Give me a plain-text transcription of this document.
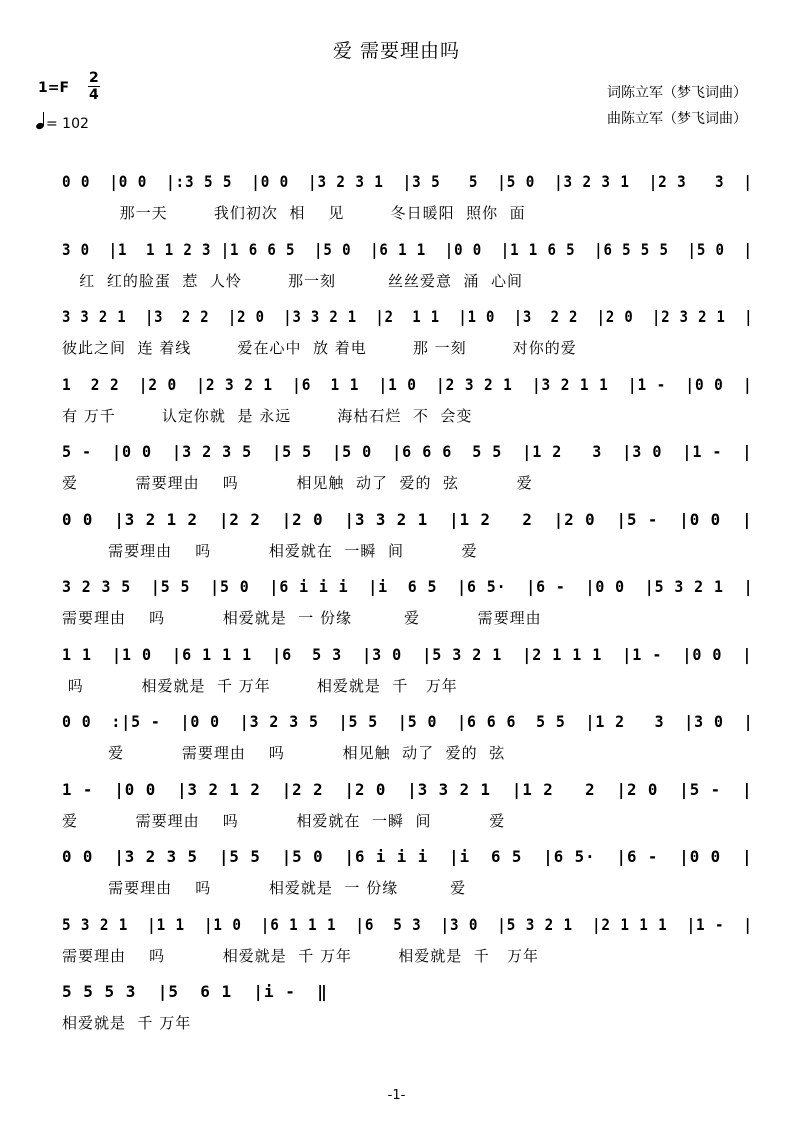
爱 需要理由吗
1=F
2
4
= 102
词陈立军（梦飞词曲）
曲陈立军（梦飞词曲）
0 0  |0 0  |:3 5 5  |0 0  |3 2 3 1  |3 5   5  |5 0  |3 2 3 1  |2 3   3  |
那一天        我们初次  相    见        冬日暖阳  照你  面
3 0  |1  1 1 2 3 |1 6 6 5  |5 0  |6 1 1  |0 0  |1 1 6 5  |6 5 5 5  |5 0  |
红  红的脸蛋  惹  人怜        那一刻         丝丝爱意  涌  心间
3 3 2 1  |3  2 2  |2 0  |3 3 2 1  |2  1 1  |1 0  |3  2 2  |2 0  |2 3 2 1  |
彼此之间  连 着线        爱在心中  放 着电        那 一刻        对你的爱
1  2 2  |2 0  |2 3 2 1  |6  1 1  |1 0  |2 3 2 1  |3 2 1 1  |1 -  |0 0  |
有 万千        认定你就  是 永远        海枯石烂  不  会变
5 -  |0 0  |3 2 3 5  |5 5  |5 0  |6 6 6  5 5  |1 2   3  |3 0  |1 -  |
爱          需要理由    吗          相见触  动了  爱的  弦          爱
0 0  |3 2 1 2  |2 2  |2 0  |3 3 2 1  |1 2   2  |2 0  |5 -  |0 0  |
需要理由    吗          相爱就在  一瞬  间          爱
3 2 3 5  |5 5  |5 0  |6 i i i  |i  6 5  |6 5·  |6 -  |0 0  |5 3 2 1  |
需要理由    吗          相爱就是  一 份缘         爱          需要理由
1 1  |1 0  |6 1 1 1  |6  5 3  |3 0  |5 3 2 1  |2 1 1 1  |1 -  |0 0  |
吗          相爱就是  千 万年        相爱就是  千   万年
0 0  :|5 -  |0 0  |3 2 3 5  |5 5  |5 0  |6 6 6  5 5  |1 2   3  |3 0  |
爱          需要理由    吗          相见触  动了  爱的  弦
1 -  |0 0  |3 2 1 2  |2 2  |2 0  |3 3 2 1  |1 2   2  |2 0  |5 -  |
爱          需要理由    吗          相爱就在  一瞬  间          爱
0 0  |3 2 3 5  |5 5  |5 0  |6 i i i  |i  6 5  |6 5·  |6 -  |0 0  |
需要理由    吗          相爱就是  一 份缘         爱
5 3 2 1  |1 1  |1 0  |6 1 1 1  |6  5 3  |3 0  |5 3 2 1  |2 1 1 1  |1 -  |
需要理由    吗          相爱就是  千 万年        相爱就是  千   万年
5 5 5 3  |5  6 1  |i -  ‖
相爱就是  千 万年
-1-
